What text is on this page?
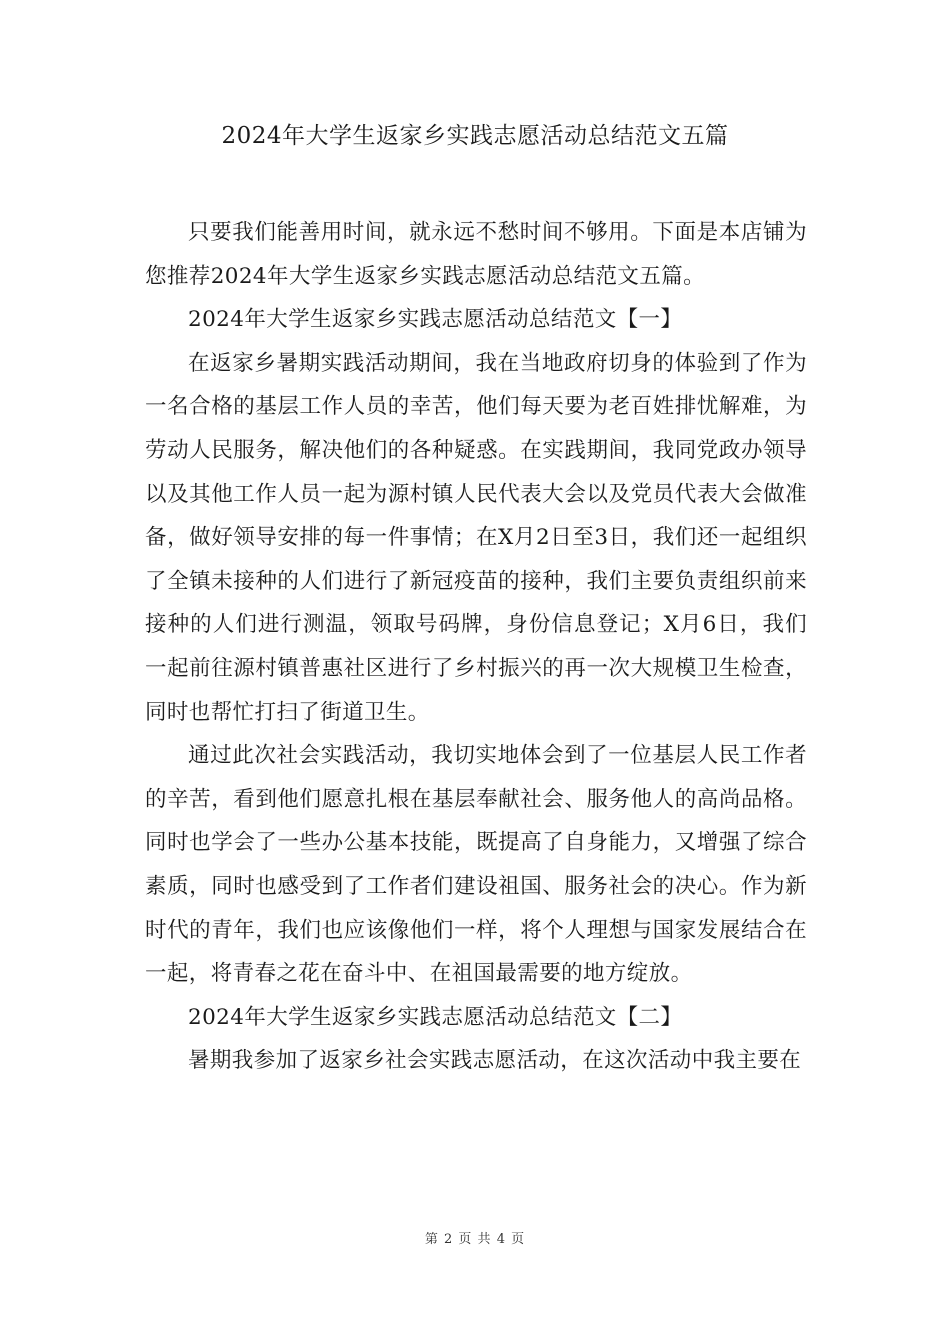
2024年大学生返家乡实践志愿活动总结范文五篇

只要我们能善用时间，就永远不愁时间不够用。下面是本店铺为您推荐2024年大学生返家乡实践志愿活动总结范文五篇。

2024年大学生返家乡实践志愿活动总结范文【一】

在返家乡暑期实践活动期间，我在当地政府切身的体验到了作为一名合格的基层工作人员的幸苦，他们每天要为老百姓排忧解难，为劳动人民服务，解决他们的各种疑惑。在实践期间，我同党政办领导以及其他工作人员一起为源村镇人民代表大会以及党员代表大会做准备，做好领导安排的每一件事情；在X月2日至3日，我们还一起组织了全镇未接种的人们进行了新冠疫苗的接种，我们主要负责组织前来接种的人们进行测温，领取号码牌，身份信息登记；X月6日，我们一起前往源村镇普惠社区进行了乡村振兴的再一次大规模卫生检查，同时也帮忙打扫了街道卫生。

通过此次社会实践活动，我切实地体会到了一位基层人民工作者的辛苦，看到他们愿意扎根在基层奉献社会、服务他人的高尚品格。同时也学会了一些办公基本技能，既提高了自身能力，又增强了综合素质，同时也感受到了工作者们建设祖国、服务社会的决心。作为新时代的青年，我们也应该像他们一样，将个人理想与国家发展结合在一起，将青春之花在奋斗中、在祖国最需要的地方绽放。

2024年大学生返家乡实践志愿活动总结范文【二】

暑期我参加了返家乡社会实践志愿活动，在这次活动中我主要在

第 2 页 共 4 页
